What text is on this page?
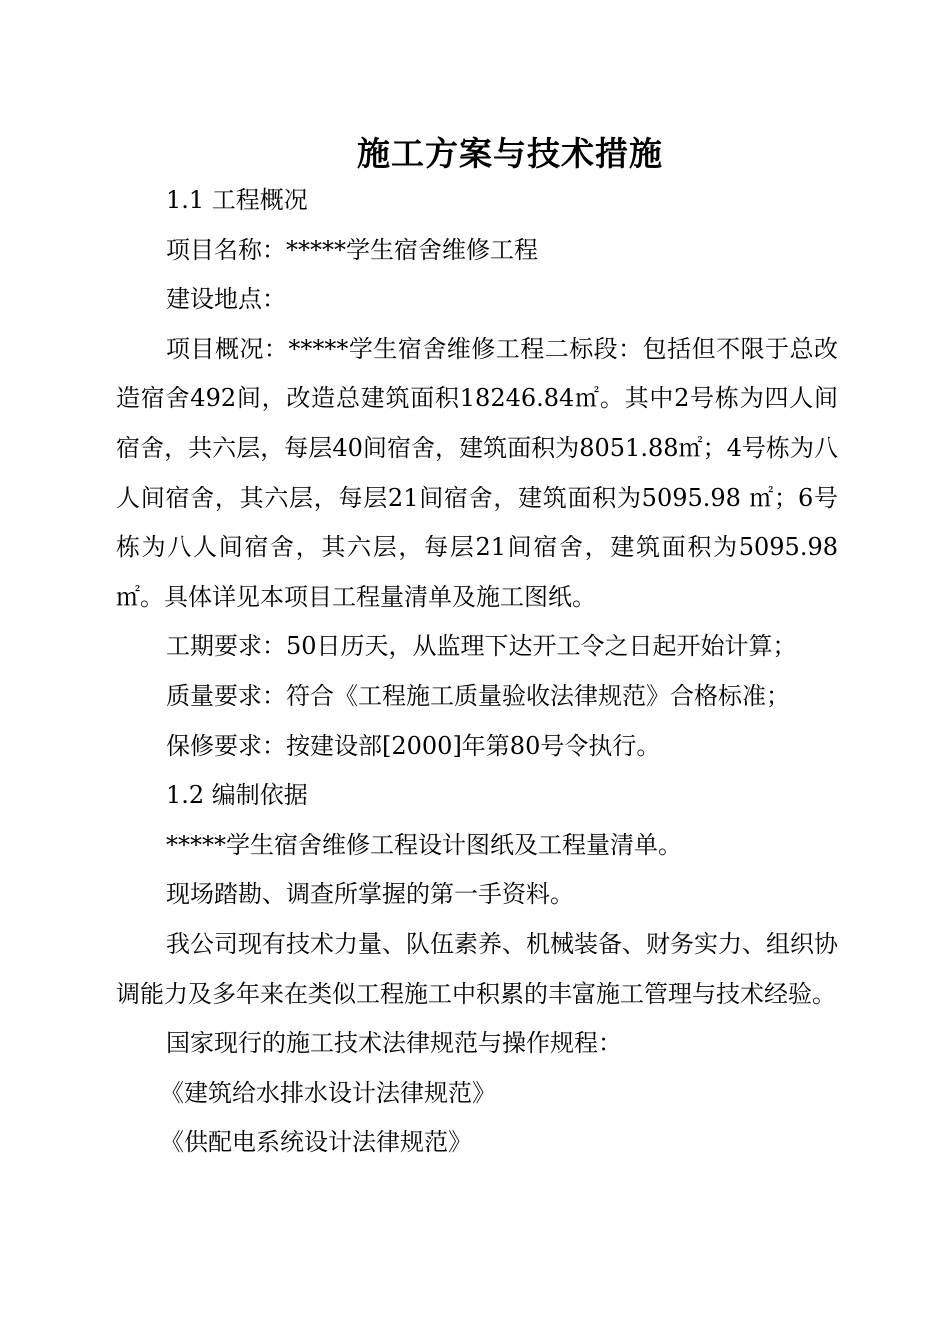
施工方案与技术措施

1.1 工程概况

项目名称：*****学生宿舍维修工程

建设地点：

项目概况：*****学生宿舍维修工程二标段：包括但不限于总改造宿舍492间，改造总建筑面积18246.84㎡。其中2号栋为四人间宿舍，共六层，每层40间宿舍，建筑面积为8051.88㎡；4号栋为八人间宿舍，其六层，每层21间宿舍，建筑面积为5095.98 ㎡；6号栋为八人间宿舍，其六层，每层21间宿舍，建筑面积为5095.98㎡。具体详见本项目工程量清单及施工图纸。

工期要求：50日历天，从监理下达开工令之日起开始计算；

质量要求：符合《工程施工质量验收法律规范》合格标准；

保修要求：按建设部[2000]年第80号令执行。

1.2 编制依据

*****学生宿舍维修工程设计图纸及工程量清单。

现场踏勘、调查所掌握的第一手资料。

我公司现有技术力量、队伍素养、机械装备、财务实力、组织协调能力及多年来在类似工程施工中积累的丰富施工管理与技术经验。

国家现行的施工技术法律规范与操作规程：

《建筑给水排水设计法律规范》

《供配电系统设计法律规范》
